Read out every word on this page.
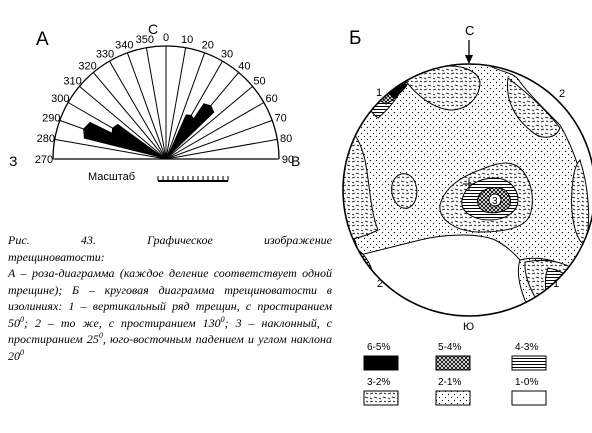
А	С
З	В
270
280
290
300
310
320
330
340 350 0 10 20
30
40
50
60
70
80
90
Масштаб
Б	С
1	2
3
2	1
Ю
6-5%	5-4%	4-3%
3-2%	2-1%	1-0%
Рис. 43. Графическое изображение
трещиноватости:
А – роза-диаграмма (каждое деление соответствует одной трещине); Б – круговая диаграмма трещиноватости в изолиниях: 1 – вертикальный ряд трещин, с простиранием $50^0$; 2 – то же, с простиранием $130^0$; 3 – наклонный, с простиранием $25^0$, юго-восточным падением и углом наклона $20^0$
